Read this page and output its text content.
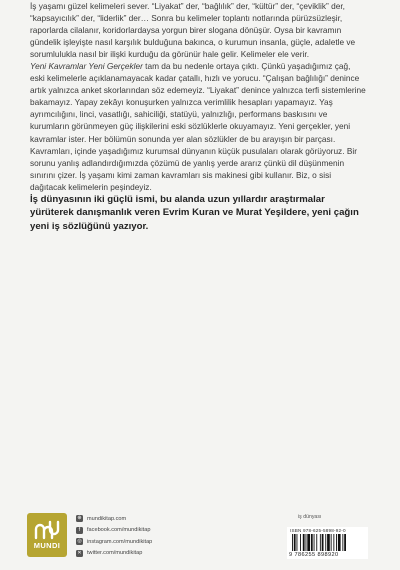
İş yaşamı güzel kelimeleri sever. “Liyakat” der, “bağlılık” der, “kültür” der, “çeviklik” der, “kapsayıcılık” der, “liderlik” der… Sonra bu kelimeler toplantı notlarında pürüzsüzleşir, raporlarda cilalanır, koridorlardaysa yorgun birer slogana dönüşür. Oysa bir kavramın gündelik işleyişte nasıl karşılık bulduğuna bakınca, o kurumun insanla, güçle, adaletle ve sorumlulukla nasıl bir ilişki kurduğu da görünür hale gelir. Kelimeler ele verir.

Yeni Kavramlar Yeni Gerçekler tam da bu nedenle ortaya çıktı. Çünkü yaşadığımız çağ, eski kelimelerle açıklanamayacak kadar çatallı, hızlı ve yorucu. “Çalışan bağlılığı” denince artık yalnızca anket skorlarından söz edemeyiz. “Liyakat” denince yalnızca terfi sistemlerine bakamayız. Yapay zekâyı konuşurken yalnızca verimlilik hesapları yapamayız. Yaş ayrımcılığını, linci, vasatlığı, sahiciliği, statüyü, yalnızlığı, performans baskısını ve kurumların görünmeyen güç ilişkilerini eski sözlüklerle okuyamayız. Yeni gerçekler, yeni kavramlar ister. Her bölümün sonunda yer alan sözlükler de bu arayışın bir parçası. Kavramları, içinde yaşadığımız kurumsal dünyanın küçük pusulaları olarak görüyoruz. Bir sorunu yanlış adlandırdığımızda çözümü de yanlış yerde ararız çünkü dil düşünmenin sınırını çizer. İş yaşamı kimi zaman kavramları sis makinesi gibi kullanır. Biz, o sisi dağıtacak kelimelerin peşindeyiz.

İş dünyasının iki güçlü ismi, bu alanda uzun yıllardır araştırmalar yürüterek danışmanlık veren Evrim Kuran ve Murat Yeşildere, yeni çağın yeni iş sözlüğünü yazıyor.

MUNDI
⊕ mundikitap.com
f	facebook.com/mundikitap
◎ instagram.com/mundikitap
✕ twitter.com/mundikitap
iş dünyası
ISBN 978-625-5898-92-0
9 786255 898920
